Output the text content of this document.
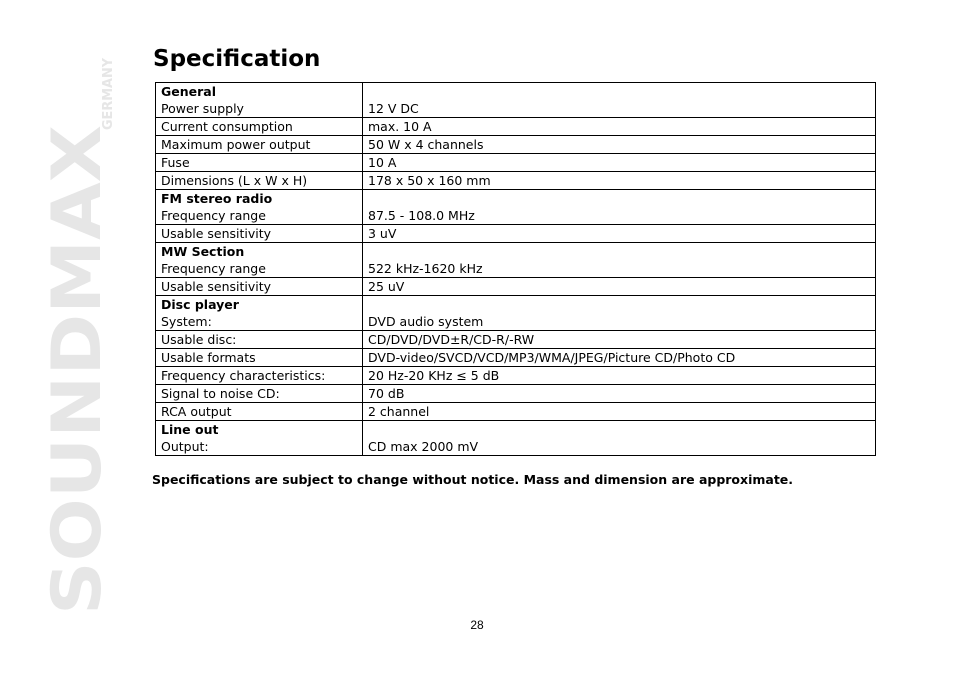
SOUNDMAX
GERMANY Specification
General
Power supply	12 V DC
Current consumption	max. 10 A
Maximum power output	50 W x 4 channels
Fuse	10 A
Dimensions (L x W x H)	178 x 50 x 160 mm

FM stereo radio
Frequency range	87.5 - 108.0 MHz
Usable sensitivity	3 uV

MW Section
Frequency range	522 kHz-1620 kHz
Usable sensitivity	25 uV

Disc player
System:	DVD audio system
Usable disc:	CD/DVD/DVD±R/CD-R/-RW
Usable formats	DVD-video/SVCD/VCD/MP3/WMA/JPEG/Picture CD/Photo CD
Frequency characteristics:	20 Hz-20 KHz ≤ 5 dB
Signal to noise CD:	70 dB
RCA output	2 channel

Line out
Output:	CD max 2000 mV

Specifications are subject to change without notice. Mass and dimension are approximate.

28
